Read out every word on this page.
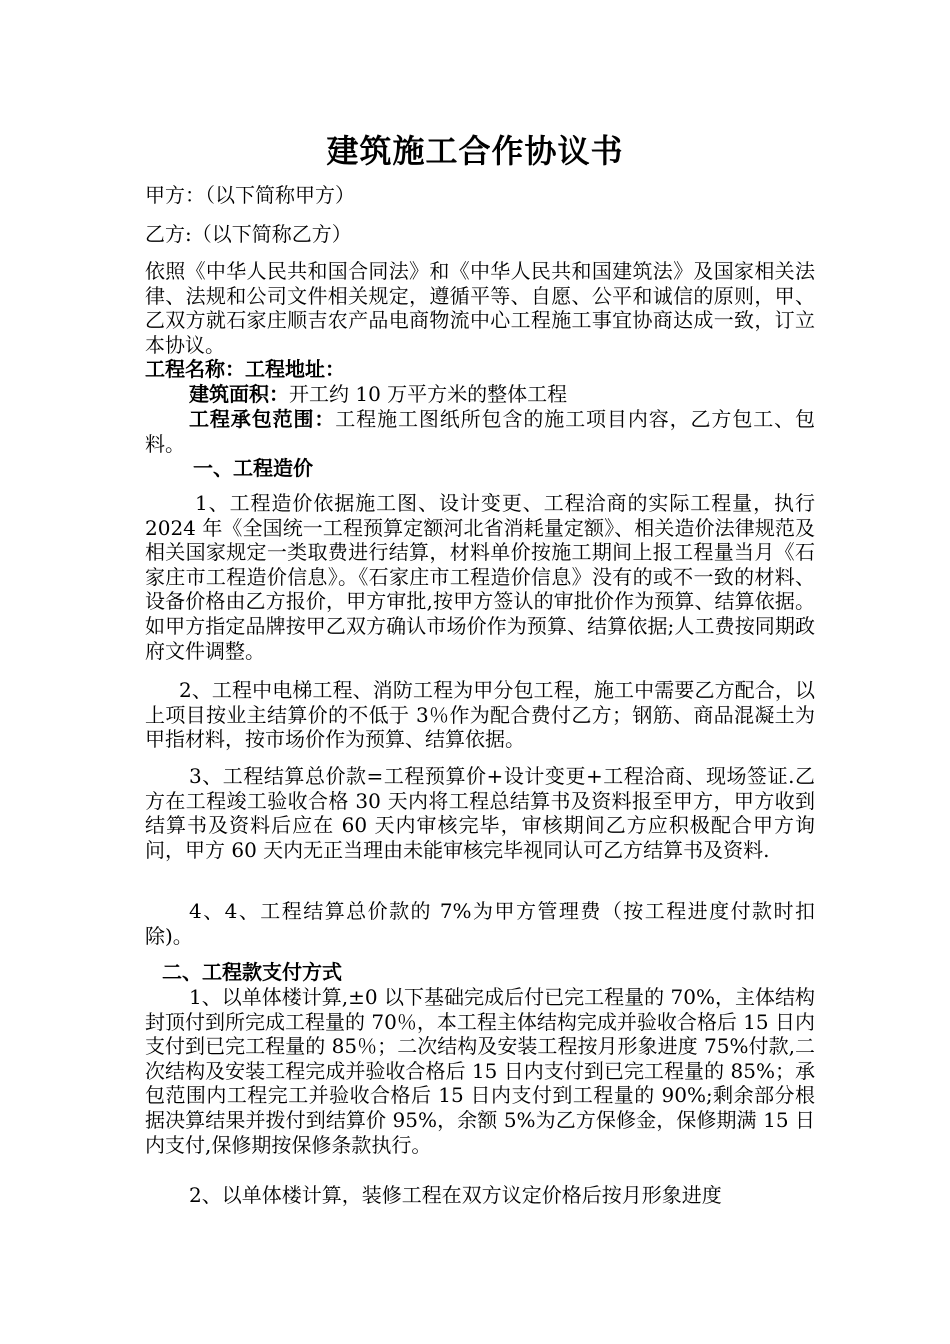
建筑施工合作协议书
甲方：（以下简称甲方）
乙方:（以下简称乙方）
依照《中华人民共和国合同法》和《中华人民共和国建筑法》及国家相关法律、法规和公司文件相关规定，遵循平等、自愿、公平和诚信的原则，甲、乙双方就石家庄顺吉农产品电商物流中心工程施工事宜协商达成一致，订立本协议。
工程名称：工程地址：
建筑面积：开工约 10 万平方米的整体工程
工程承包范围：工程施工图纸所包含的施工项目内容，乙方包工、包料。
一、工程造价
1、工程造价依据施工图、设计变更、工程洽商的实际工程量，执行 2024 年《全国统一工程预算定额河北省消耗量定额》、相关造价法律规范及相关国家规定一类取费进行结算，材料单价按施工期间上报工程量当月《石家庄市工程造价信息》。《石家庄市工程造价信息》没有的或不一致的材料、设备价格由乙方报价，甲方审批,按甲方签认的审批价作为预算、结算依据。如甲方指定品牌按甲乙双方确认市场价作为预算、结算依据;人工费按同期政府文件调整。
2、工程中电梯工程、消防工程为甲分包工程，施工中需要乙方配合，以上项目按业主结算价的不低于 3％作为配合费付乙方；钢筋、商品混凝土为甲指材料，按市场价作为预算、结算依据。
3、工程结算总价款=工程预算价+设计变更+工程洽商、现场签证.乙方在工程竣工验收合格 30 天内将工程总结算书及资料报至甲方，甲方收到结算书及资料后应在 60 天内审核完毕，审核期间乙方应积极配合甲方询问，甲方 60 天内无正当理由未能审核完毕视同认可乙方结算书及资料.
4、4、工程结算总价款的 7%为甲方管理费（按工程进度付款时扣除)。
二、工程款支付方式
1、以单体楼计算,±0 以下基础完成后付已完工程量的 70%，主体结构封顶付到所完成工程量的 70％，本工程主体结构完成并验收合格后 15 日内支付到已完工程量的 85％；二次结构及安装工程按月形象进度 75%付款,二次结构及安装工程完成并验收合格后 15 日内支付到已完工程量的 85%；承包范围内工程完工并验收合格后 15 日内支付到工程量的 90%;剩余部分根据决算结果并拨付到结算价 95%，余额 5%为乙方保修金，保修期满 15 日内支付,保修期按保修条款执行。
2、以单体楼计算，装修工程在双方议定价格后按月形象进度
